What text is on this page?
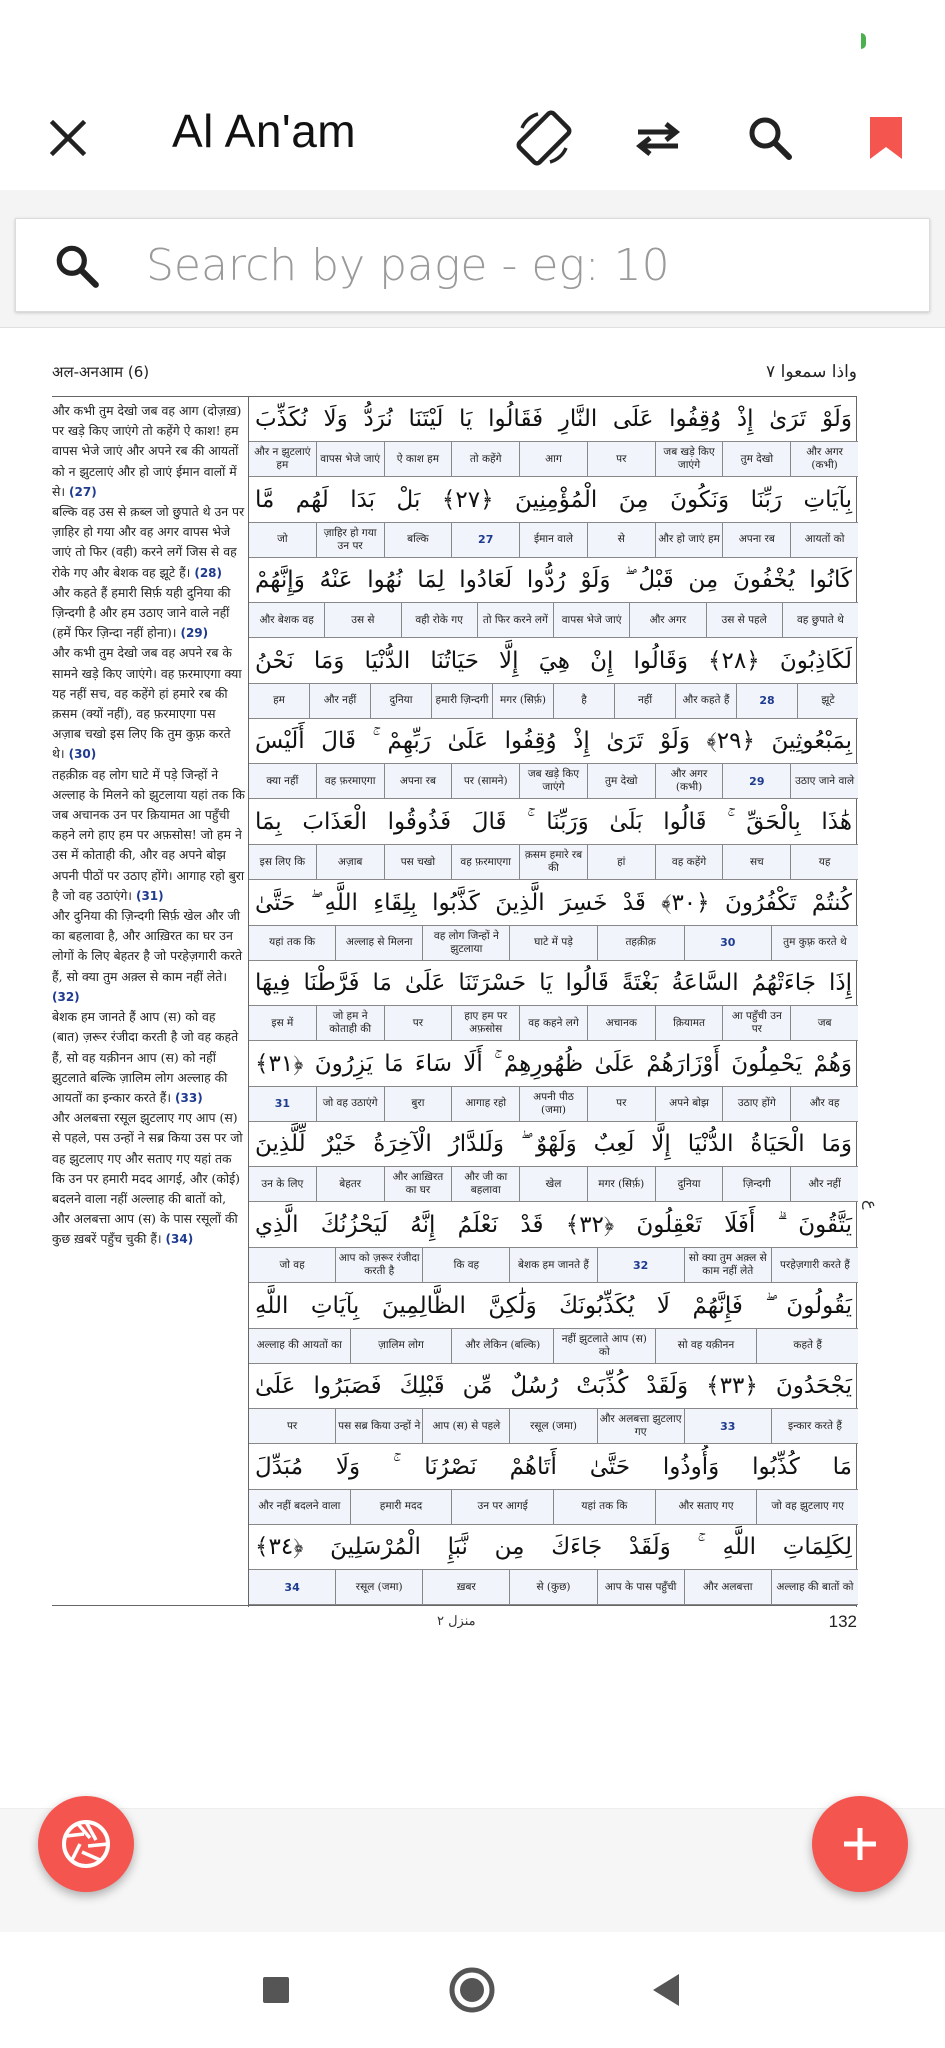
Al An'am
Search by page - eg: 10
अल-अनआम (6)	واذا سمعوا ٧
और कभी तुम देखो जब वह आग (दोज़ख़) पर खड़े किए जाएंगे तो कहेंगे ऐ काश! हम वापस भेजे जाएं और अपने रब की आयतों को न झुटलाएं और हो जाएं ईमान वालों में से। (27)
बल्कि वह उस से क़ब्ल जो छुपाते थे उन पर ज़ाहिर हो गया और वह अगर वापस भेजे जाएं तो फिर (वही) करने लगें जिस से वह रोके गए और बेशक वह झूटे हैं। (28)
और कहते हैं हमारी सिर्फ़ यही दुनिया की ज़िन्दगी है और हम उठाए जाने वाले नहीं (हमें फिर ज़िन्दा नहीं होना)। (29)
और कभी तुम देखो जब वह अपने रब के सामने खड़े किए जाएंगे। वह फ़रमाएगा क्या यह नहीं सच, वह कहेंगे हां हमारे रब की क़सम (क्यों नहीं), वह फ़रमाएगा पस अज़ाब चखो इस लिए कि तुम कुफ़्र करते थे। (30)
तहक़ीक़ वह लोग घाटे में पड़े जिन्हों ने अल्लाह के मिलने को झुटलाया यहां तक कि जब अचानक उन पर क़ियामत आ पहुँची कहने लगे हाए हम पर अफ़सोस! जो हम ने उस में कोताही की, और वह अपने बोझ अपनी पीठों पर उठाए होंगे। आगाह रहो बुरा है जो वह उठाएंगे। (31)
और दुनिया की ज़िन्दगी सिर्फ़ खेल और जी का बहलावा है, और आख़िरत का घर उन लोगों के लिए बेहतर है जो परहेज़गारी करते हैं, सो क्या तुम अक़्ल से काम नहीं लेते। (32)
बेशक हम जानते हैं आप (स) को वह (बात) ज़रूर रंजीदा करती है जो वह कहते हैं, सो वह यक़ीनन आप (स) को नहीं झुटलाते बल्कि ज़ालिम लोग अल्लाह की आयतों का इन्कार करते हैं। (33)
और अलबत्ता रसूल झुटलाए गए आप (स) से पहले, पस उन्हों ने सब्र किया उस पर जो वह झुटलाए गए और सताए गए यहां तक कि उन पर हमारी मदद आगई, और (कोई) बदलने वाला नहीं अल्लाह की बातों को, और अलबत्ता आप (स) के पास रसूलों की कुछ ख़बरें पहुँच चुकी हैं। (34)
وَلَوْ تَرَىٰ إِذْ وُقِفُوا عَلَى النَّارِ فَقَالُوا يَا لَيْتَنَا نُرَدُّ وَلَا نُكَذِّبَ
और अगर (कभी)
तुम देखो
जब खड़े किए जाएंगे
पर
आग
तो कहेंगे
ऐ काश हम
वापस भेजे जाएं
और न झुटलाएं हम
بِآيَاتِ رَبِّنَا وَنَكُونَ مِنَ الْمُؤْمِنِينَ ﴿٢٧﴾ بَلْ بَدَا لَهُم مَّا
आयतों को
अपना रब
और हो जाएं हम
से
ईमान वाले
27
बल्कि
ज़ाहिर हो गया उन पर
जो
كَانُوا يُخْفُونَ مِن قَبْلُ ۖ وَلَوْ رُدُّوا لَعَادُوا لِمَا نُهُوا عَنْهُ وَإِنَّهُمْ
वह छुपाते थे
उस से पहले
और अगर
वापस भेजे जाएं
तो फिर करने लगें
वही रोके गए
उस से
और बेशक वह
لَكَاذِبُونَ ﴿٢٨﴾ وَقَالُوا إِنْ هِيَ إِلَّا حَيَاتُنَا الدُّنْيَا وَمَا نَحْنُ
झूटे
28
और कहते हैं
नहीं
है
मगर (सिर्फ़)
हमारी ज़िन्दगी
दुनिया
और नहीं
हम
بِمَبْعُوثِينَ ﴿٢٩﴾ وَلَوْ تَرَىٰ إِذْ وُقِفُوا عَلَىٰ رَبِّهِمْ ۚ قَالَ أَلَيْسَ
उठाए जाने वाले
29
और अगर (कभी)
तुम देखो
जब खड़े किए जाएंगे
पर (सामने)
अपना रब
वह फ़रमाएगा
क्या नहीं
هَٰذَا بِالْحَقِّ ۚ قَالُوا بَلَىٰ وَرَبِّنَا ۚ قَالَ فَذُوقُوا الْعَذَابَ بِمَا
यह
सच
वह कहेंगे
हां
क़सम हमारे रब की
वह फ़रमाएगा
पस चखो
अज़ाब
इस लिए कि
كُنتُمْ تَكْفُرُونَ ﴿٣٠﴾ قَدْ خَسِرَ الَّذِينَ كَذَّبُوا بِلِقَاءِ اللَّهِ ۖ حَتَّىٰ
तुम कुफ़्र करते थे
30
तहक़ीक़
घाटे में पड़े
वह लोग जिन्हों ने झुटलाया
अल्लाह से मिलना
यहां तक कि
إِذَا جَاءَتْهُمُ السَّاعَةُ بَغْتَةً قَالُوا يَا حَسْرَتَنَا عَلَىٰ مَا فَرَّطْنَا فِيهَا
जब
आ पहुँची उन पर
क़ियामत
अचानक
वह कहने लगे
हाए हम पर अफ़सोस
पर
जो हम ने कोताही की
इस में
وَهُمْ يَحْمِلُونَ أَوْزَارَهُمْ عَلَىٰ ظُهُورِهِمْ ۚ أَلَا سَاءَ مَا يَزِرُونَ ﴿٣١﴾
और वह
उठाए होंगे
अपने बोझ
पर
अपनी पीठ (जमा)
आगाह रहो
बुरा
जो वह उठाएंगे
31
وَمَا الْحَيَاةُ الدُّنْيَا إِلَّا لَعِبٌ وَلَهْوٌ ۖ وَلَلدَّارُ الْآخِرَةُ خَيْرٌ لِّلَّذِينَ
और नहीं
ज़िन्दगी
दुनिया
मगर (सिर्फ़)
खेल
और जी का बहलावा
और आख़िरत का घर
बेहतर
उन के लिए
يَتَّقُونَ ۗ أَفَلَا تَعْقِلُونَ ﴿٣٢﴾ قَدْ نَعْلَمُ إِنَّهُ لَيَحْزُنُكَ الَّذِي
परहेज़गारी करते हैं
सो क्या तुम अक़्ल से काम नहीं लेते
32
बेशक हम जानते हैं
कि वह
आप को ज़रूर रंजीदा करती है
जो वह
يَقُولُونَ ۖ فَإِنَّهُمْ لَا يُكَذِّبُونَكَ وَلَٰكِنَّ الظَّالِمِينَ بِآيَاتِ اللَّهِ
कहते हैं
सो वह यक़ीनन
नहीं झुटलाते आप (स) को
और लेकिन (बल्कि)
ज़ालिम लोग
अल्लाह की आयतों का
يَجْحَدُونَ ﴿٣٣﴾ وَلَقَدْ كُذِّبَتْ رُسُلٌ مِّن قَبْلِكَ فَصَبَرُوا عَلَىٰ
इन्कार करते हैं
33
और अलबत्ता झुटलाए गए
रसूल (जमा)
आप (स) से पहले
पस सब्र किया उन्हों ने
पर
مَا كُذِّبُوا وَأُوذُوا حَتَّىٰ أَتَاهُمْ نَصْرُنَا ۚ وَلَا مُبَدِّلَ
जो वह झुटलाए गए
और सताए गए
यहां तक कि
उन पर आगई
हमारी मदद
और नहीं बदलने वाला
لِكَلِمَاتِ اللَّهِ ۚ وَلَقَدْ جَاءَكَ مِن نَّبَإِ الْمُرْسَلِينَ ﴿٣٤﴾
अल्लाह की बातों को
और अलबत्ता
आप के पास पहुँची
से (कुछ)
ख़बर
रसूल (जमा)
34
ع
منزل ٢	132
